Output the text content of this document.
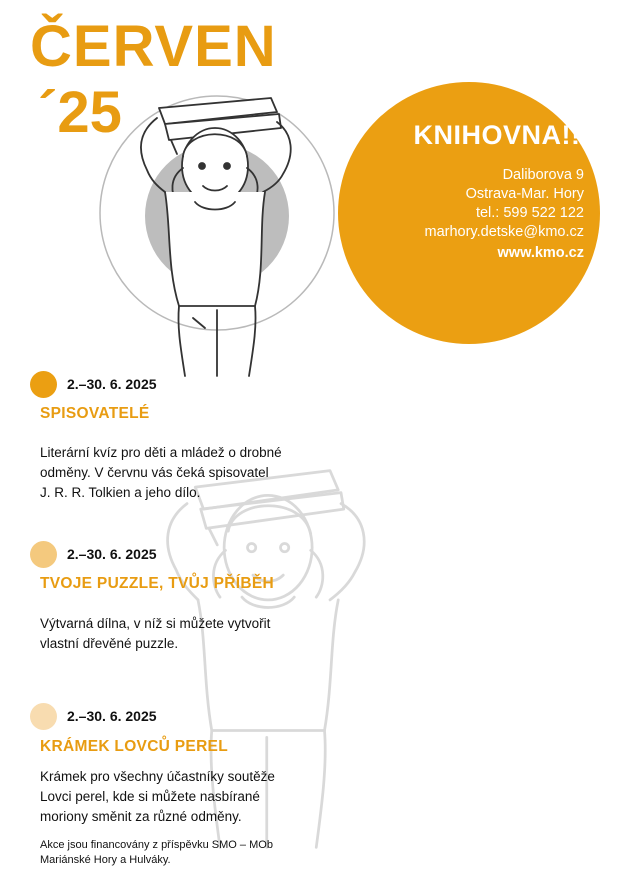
ČERVEN
´25	KNIHOVNA!!!
Daliborova 9
Ostrava-Mar. Hory
tel.: 599 522 122
marhory.detske@kmo.cz
www.kmo.cz
2.–30. 6. 2025
SPISOVATELÉ
Literární kvíz pro děti a mládež o drobné
odměny. V červnu vás čeká spisovatel
J. R. R. Tolkien a jeho dílo.
2.–30. 6. 2025
TVOJE PUZZLE, TVŮJ PŘÍBĚH
Výtvarná dílna, v níž si můžete vytvořit
vlastní dřevěné puzzle.
2.–30. 6. 2025
KRÁMEK LOVCŮ PEREL
Krámek pro všechny účastníky soutěže
Lovci perel, kde si můžete nasbírané
moriony směnit za různé odměny.
Akce jsou financovány z příspěvku SMO – MOb
Mariánské Hory a Hulváky.
